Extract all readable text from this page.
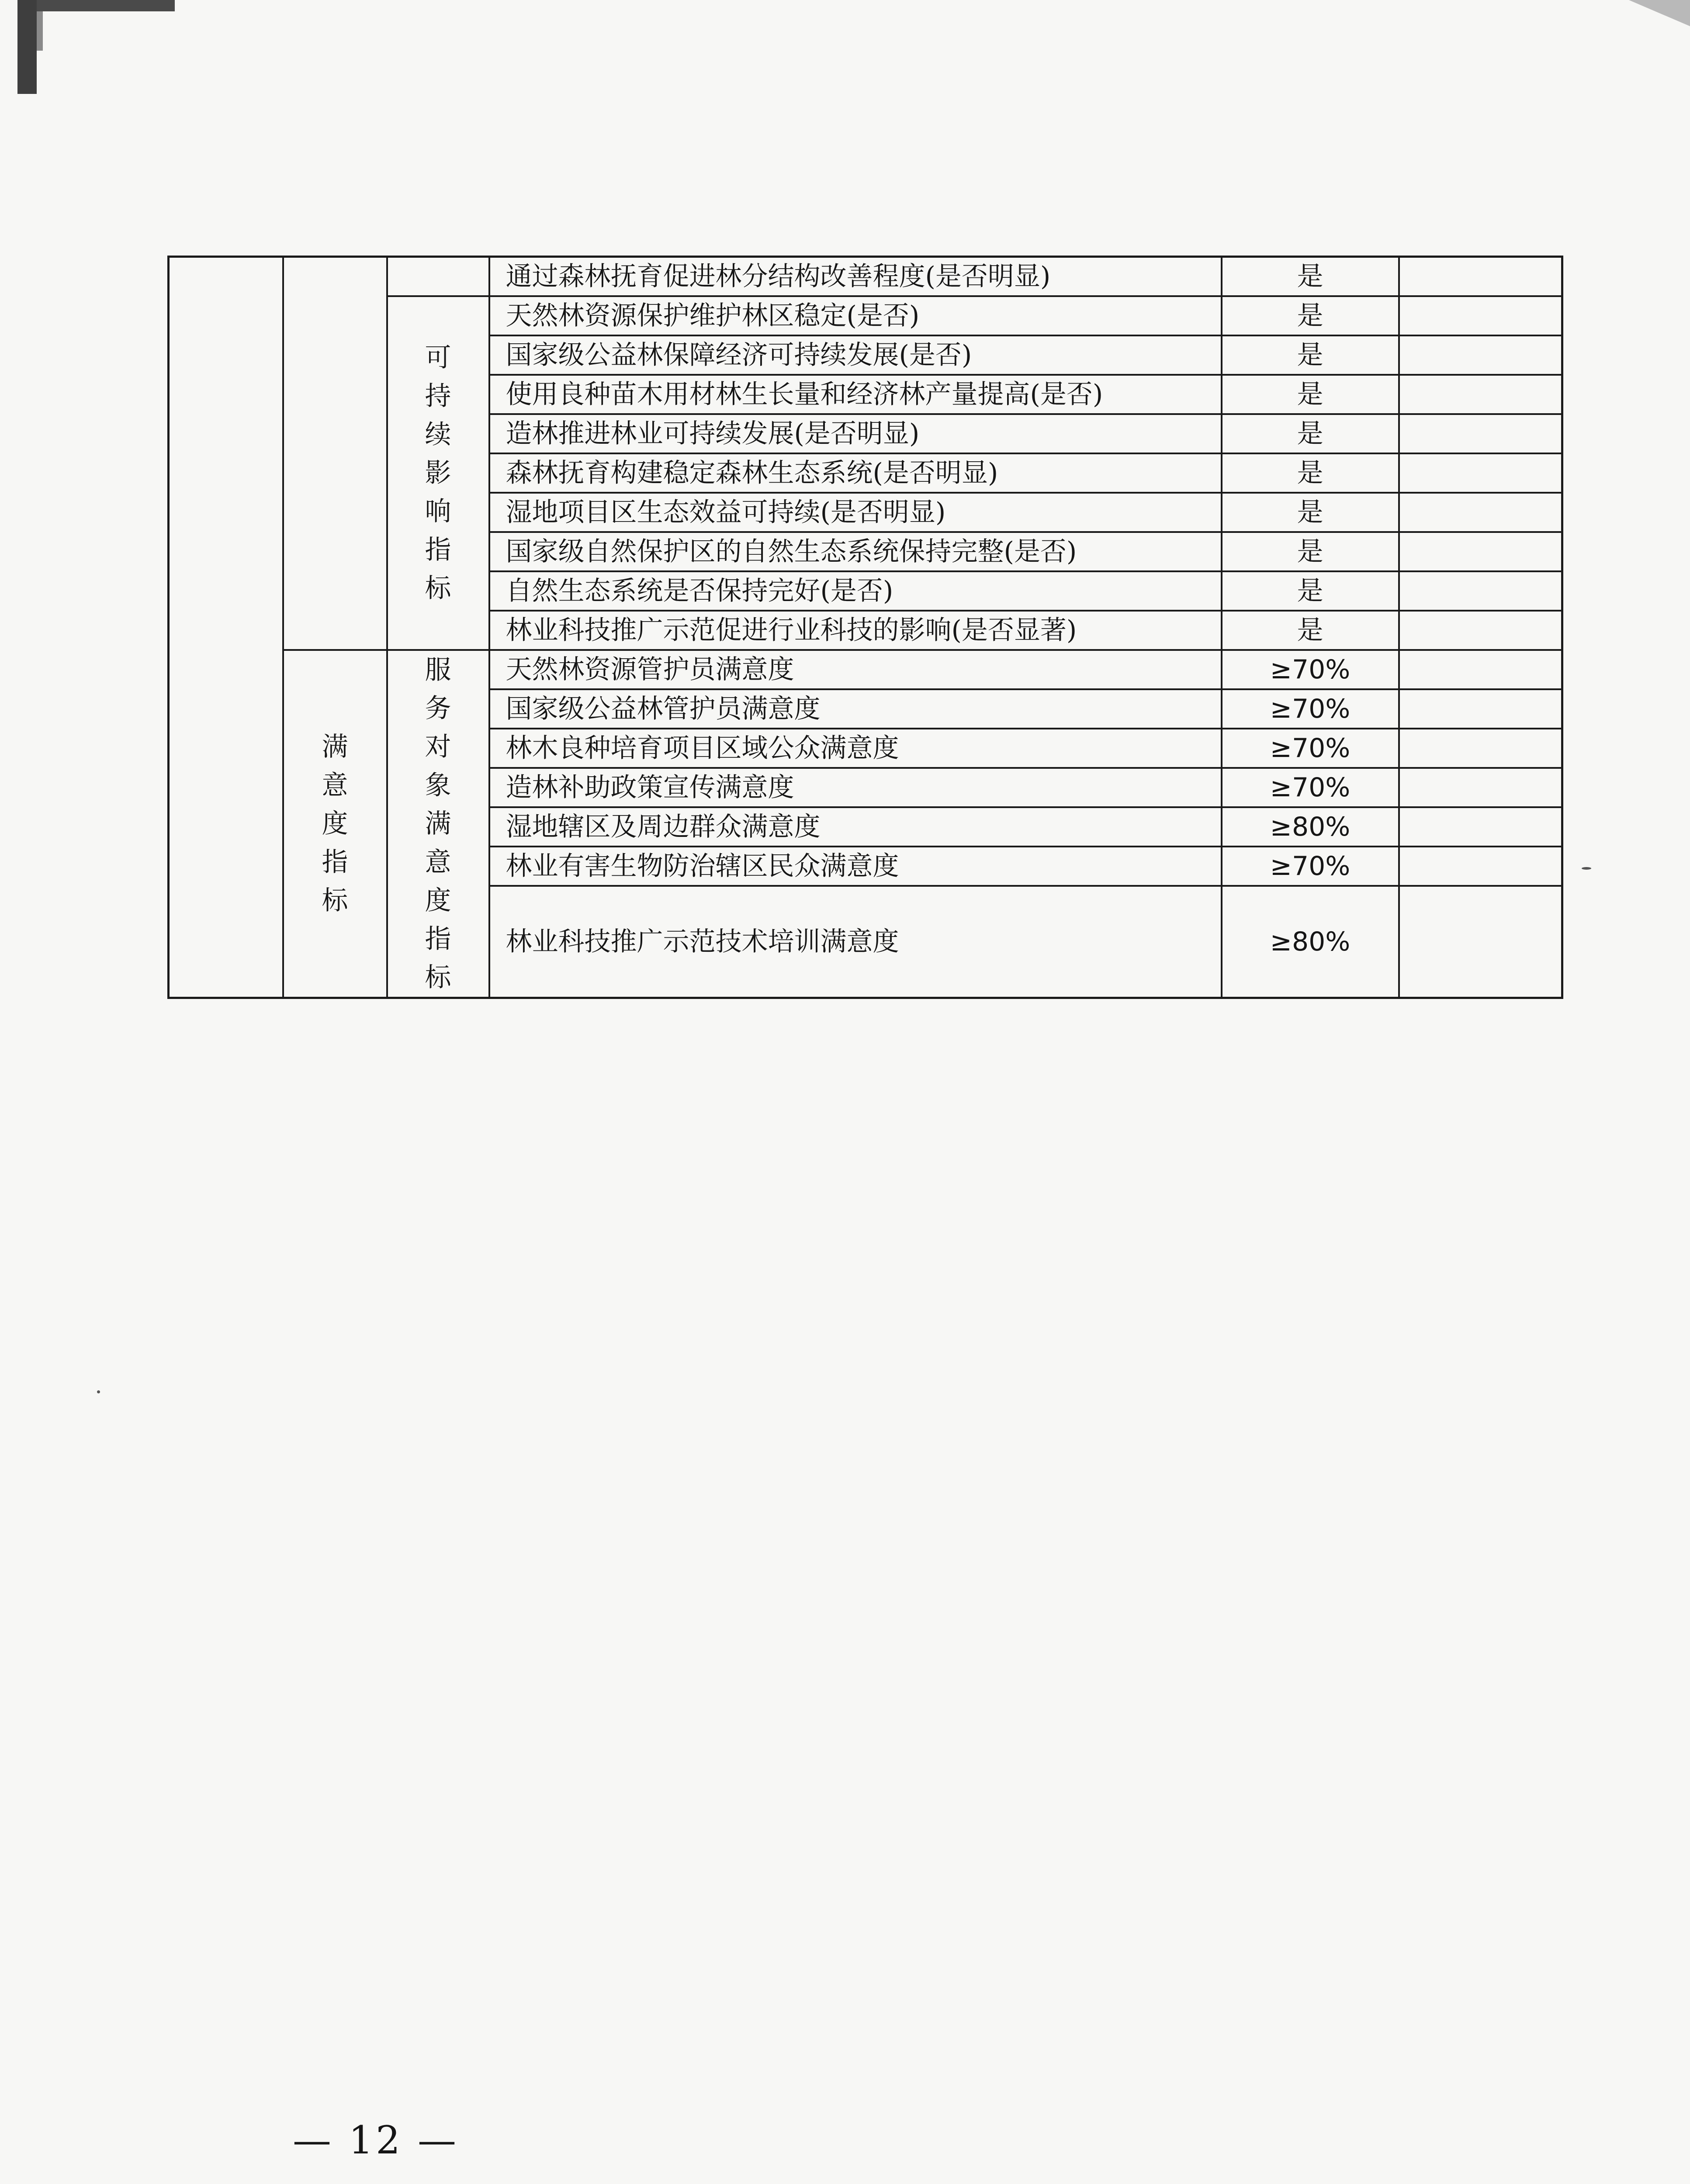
			通过森林抚育促进林分结构改善程度(是否明显)	是	
		可持续影响指标	天然林资源保护维护林区稳定(是否)	是	
			国家级公益林保障经济可持续发展(是否)	是	
			使用良种苗木用材林生长量和经济林产量提高(是否)	是	
			造林推进林业可持续发展(是否明显)	是	
			森林抚育构建稳定森林生态系统(是否明显)	是	
			湿地项目区生态效益可持续(是否明显)	是	
			国家级自然保护区的自然生态系统保持完整(是否)	是	
			自然生态系统是否保持完好(是否)	是	
			林业科技推广示范促进行业科技的影响(是否显著)	是	
	满意度指标	服务对象满意度指标	天然林资源管护员满意度	≥70%	
			国家级公益林管护员满意度	≥70%	
			林木良种培育项目区域公众满意度	≥70%	
			造林补助政策宣传满意度	≥70%	
			湿地辖区及周边群众满意度	≥80%	
			林业有害生物防治辖区民众满意度	≥70%	
			林业科技推广示范技术培训满意度	≥80%	
— 12 —
